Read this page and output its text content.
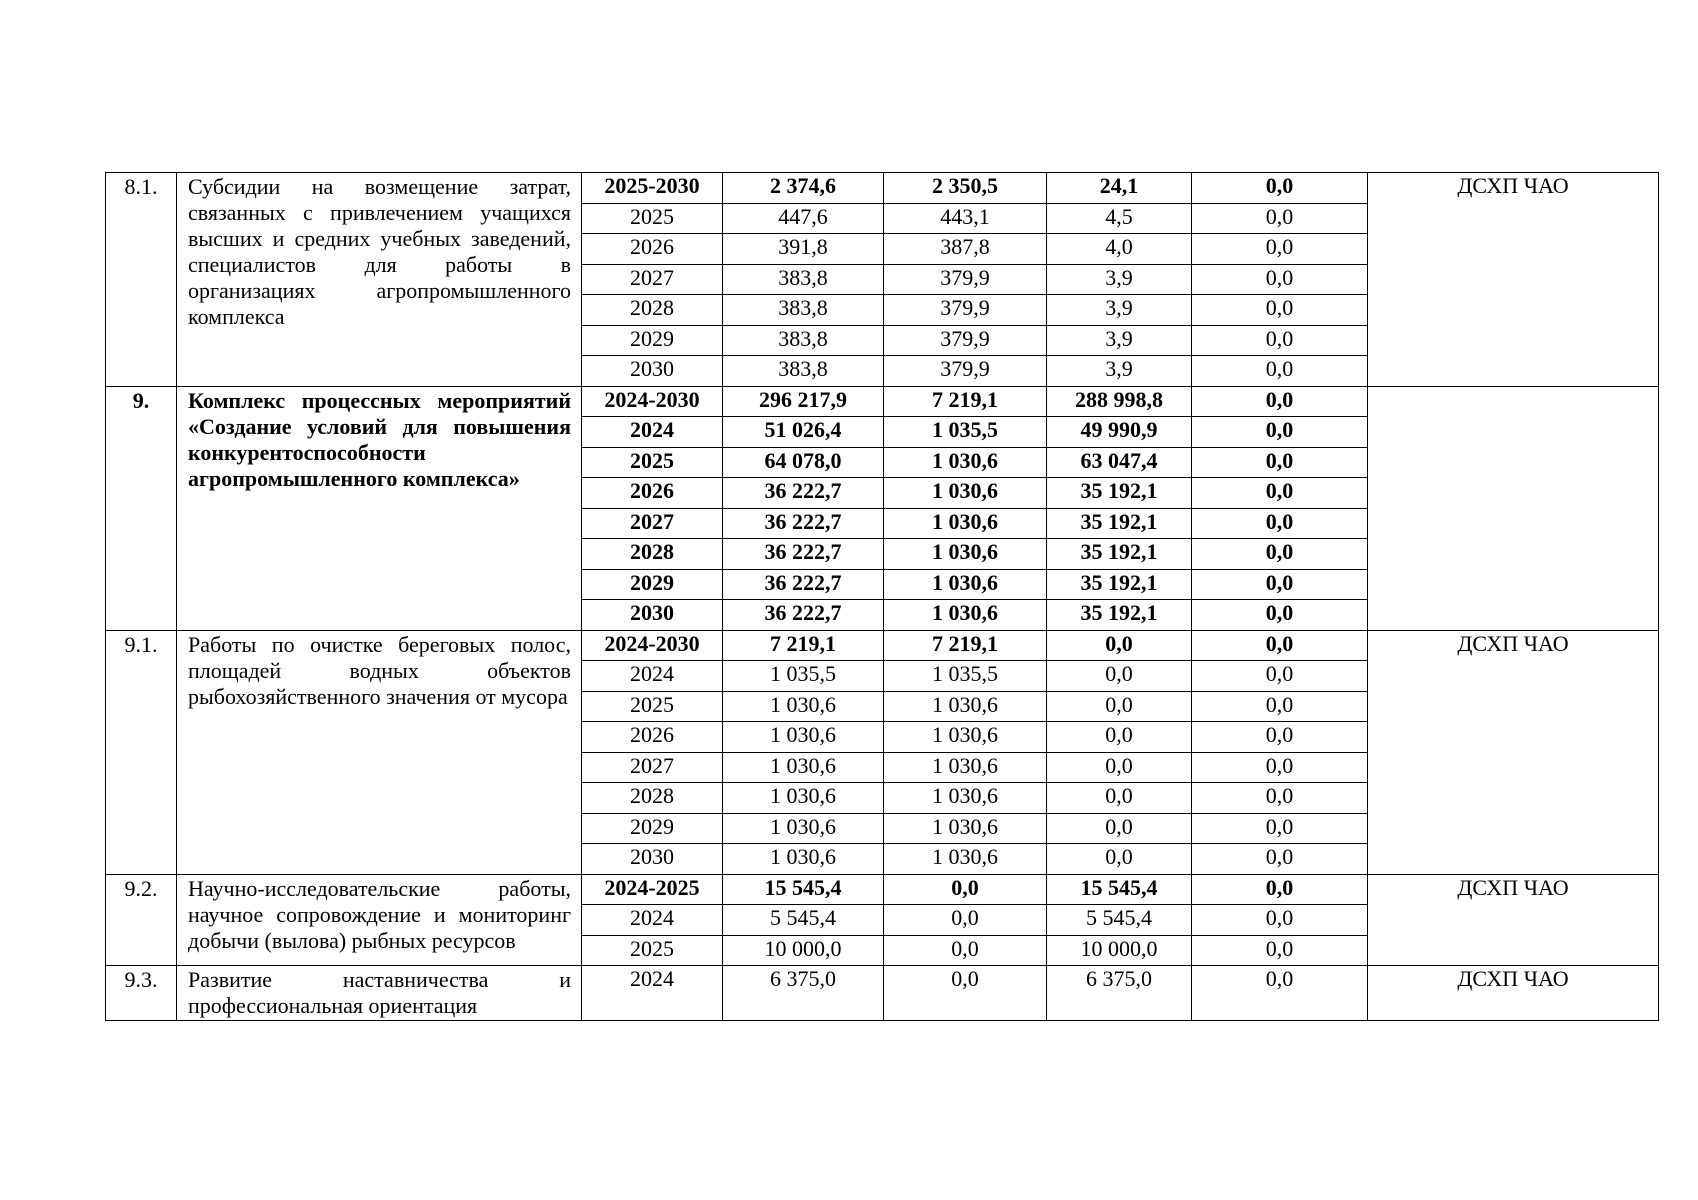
8.1.	Субсидии на возмещение затрат, связанных с привлечением учащихся высших и средних учебных заведений, специалистов для работы в организациях агропромышленного комплекса	2025-2030	2 374,6	2 350,5	24,1	0,0	ДСХП ЧАО
		2025	447,6	443,1	4,5	0,0	
		2026	391,8	387,8	4,0	0,0	
		2027	383,8	379,9	3,9	0,0	
		2028	383,8	379,9	3,9	0,0	
		2029	383,8	379,9	3,9	0,0	
		2030	383,8	379,9	3,9	0,0	
9.	Комплекс процессных мероприятий «Создание условий для повышения конкурентоспособности агропромышленного комплекса»	2024-2030	296 217,9	7 219,1	288 998,8	0,0	
		2024	51 026,4	1 035,5	49 990,9	0,0	
		2025	64 078,0	1 030,6	63 047,4	0,0	
		2026	36 222,7	1 030,6	35 192,1	0,0	
		2027	36 222,7	1 030,6	35 192,1	0,0	
		2028	36 222,7	1 030,6	35 192,1	0,0	
		2029	36 222,7	1 030,6	35 192,1	0,0	
		2030	36 222,7	1 030,6	35 192,1	0,0	
9.1.	Работы по очистке береговых полос, площадей водных объектов рыбохозяйственного значения от мусора	2024-2030	7 219,1	7 219,1	0,0	0,0	ДСХП ЧАО
		2024	1 035,5	1 035,5	0,0	0,0	
		2025	1 030,6	1 030,6	0,0	0,0	
		2026	1 030,6	1 030,6	0,0	0,0	
		2027	1 030,6	1 030,6	0,0	0,0	
		2028	1 030,6	1 030,6	0,0	0,0	
		2029	1 030,6	1 030,6	0,0	0,0	
		2030	1 030,6	1 030,6	0,0	0,0	
9.2.	Научно-исследовательские работы, научное сопровождение и мониторинг добычи (вылова) рыбных ресурсов	2024-2025	15 545,4	0,0	15 545,4	0,0	ДСХП ЧАО
		2024	5 545,4	0,0	5 545,4	0,0	
		2025	10 000,0	0,0	10 000,0	0,0	
9.3.	Развитие наставничества и профессиональная ориентация	2024	6 375,0	0,0	6 375,0	0,0	ДСХП ЧАО
